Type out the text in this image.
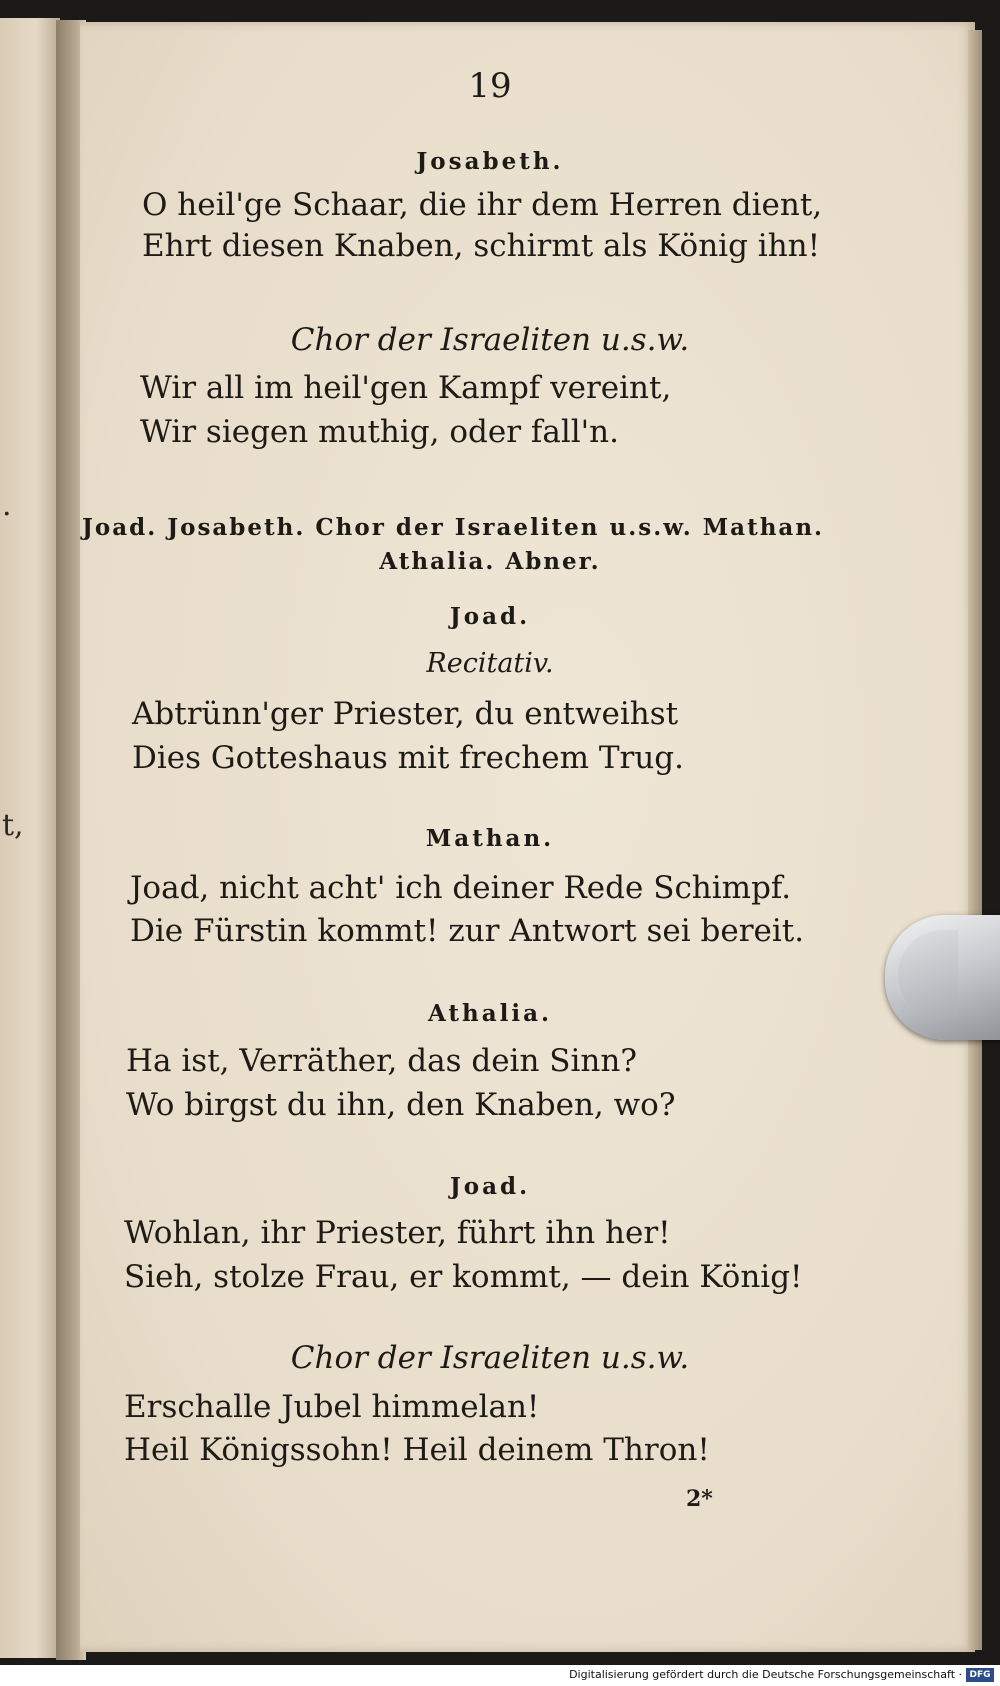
.
t,
19
Josabeth.
O heil'ge Schaar, die ihr dem Herren dient,
Ehrt diesen Knaben, schirmt als König ihn!
Chor der Israeliten u.s.w.
Wir all im heil'gen Kampf vereint,
Wir siegen muthig, oder fall'n.
Joad. Josabeth. Chor der Israeliten u.s.w. Mathan.
Athalia. Abner.
Joad.
Recitativ.
Abtrünn'ger Priester, du entweihst
Dies Gotteshaus mit frechem Trug.
Mathan.
Joad, nicht acht' ich deiner Rede Schimpf.
Die Fürstin kommt! zur Antwort sei bereit.
Athalia.
Ha ist, Verräther, das dein Sinn?
Wo birgst du ihn, den Knaben, wo?
Joad.
Wohlan, ihr Priester, führt ihn her!
Sieh, stolze Frau, er kommt, — dein König!
Chor der Israeliten u.s.w.
Erschalle Jubel himmelan!
Heil Königssohn! Heil deinem Thron!
2*
Digitalisierung gefördert durch die Deutsche Forschungsgemeinschaft · DFG
